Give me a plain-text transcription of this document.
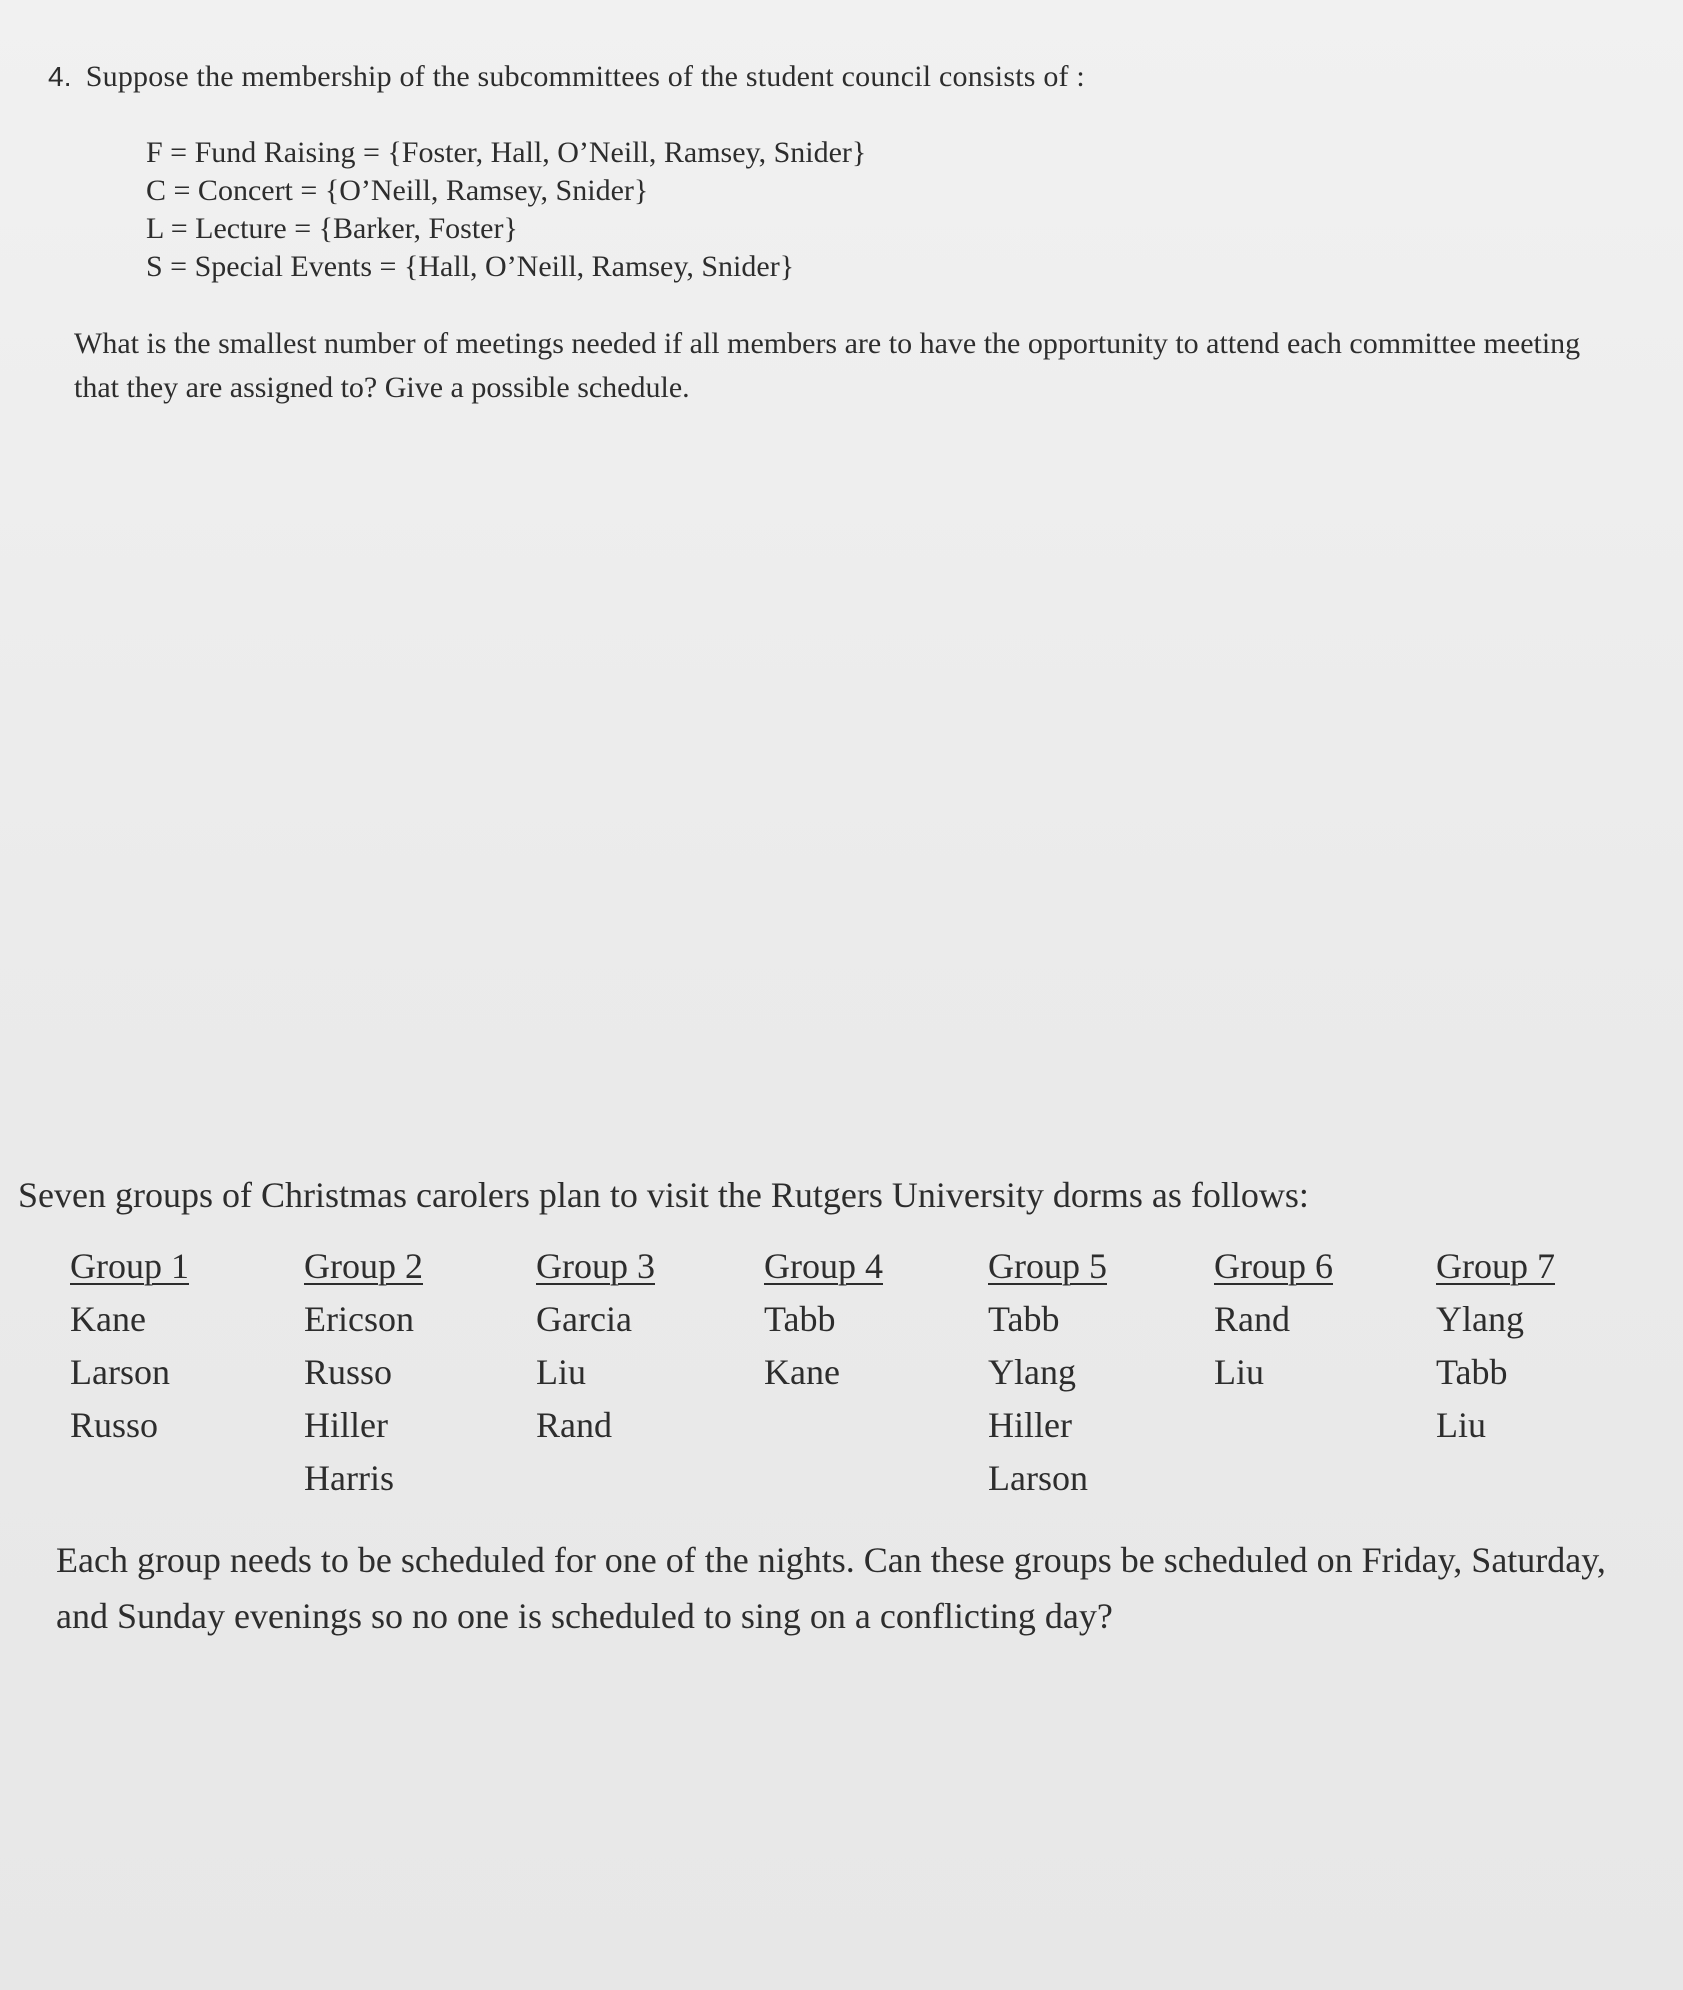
4. Suppose the membership of the subcommittees of the student council consists of :
F = Fund Raising = {Foster, Hall, O’Neill, Ramsey, Snider}
C = Concert = {O’Neill, Ramsey, Snider}
L = Lecture = {Barker, Foster}
S = Special Events = {Hall, O’Neill, Ramsey, Snider}
What is the smallest number of meetings needed if all members are to have the opportunity to attend each committee meeting that they are assigned to? Give a possible schedule.
Seven groups of Christmas carolers plan to visit the Rutgers University dorms as follows:
Group 1
Kane
Larson
Russo
Group 2
Ericson
Russo
Hiller
Harris
Group 3
Garcia
Liu
Rand
Group 4
Tabb
Kane
Group 5
Tabb
Ylang
Hiller
Larson
Group 6
Rand
Liu
Group 7
Ylang
Tabb
Liu
Each group needs to be scheduled for one of the nights. Can these groups be scheduled on Friday, Saturday, and Sunday evenings so no one is scheduled to sing on a conflicting day?
